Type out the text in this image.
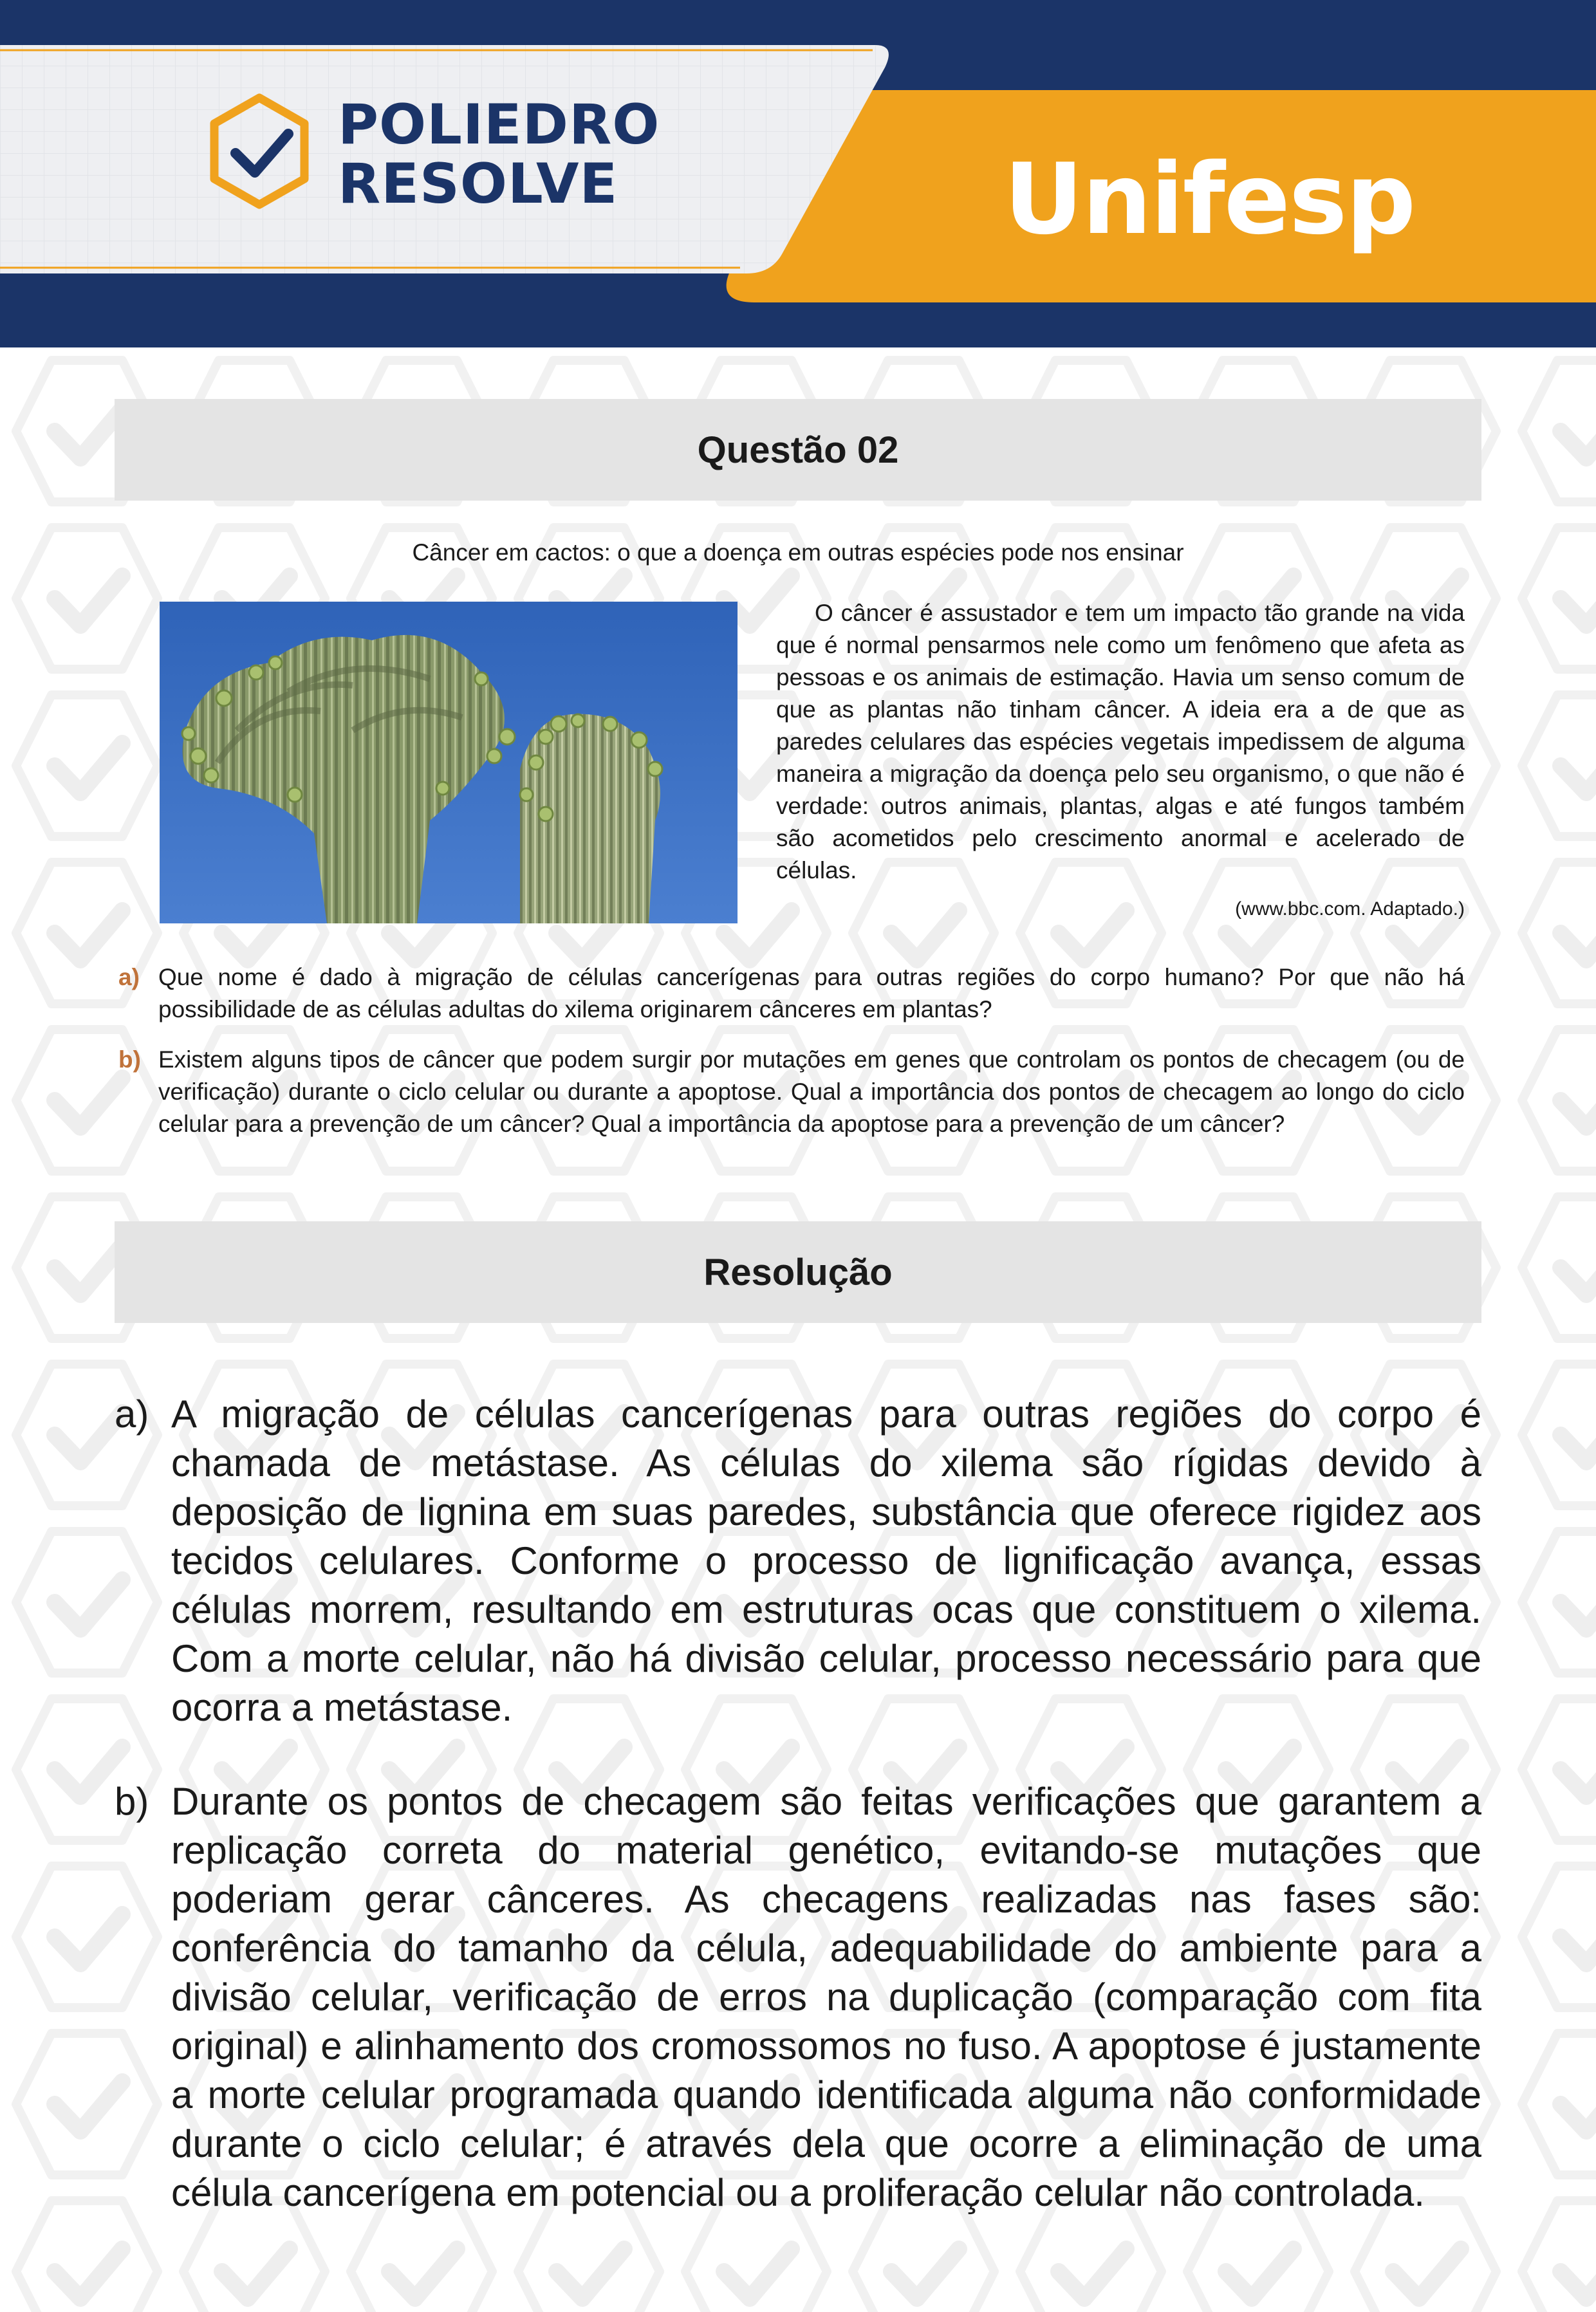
POLIEDRO
RESOLVE	Unifesp
Questão 02
Câncer em cactos: o que a doença em outras espécies pode nos ensinar
O câncer é assustador e tem um impacto tão grande na vida que é normal pensarmos nele como um fenômeno que afeta as pessoas e os animais de estimação. Havia um senso comum de que as plantas não tinham câncer. A ideia era a de que as paredes celulares das espécies vegetais impedissem de alguma maneira a migração da doença pelo seu organismo, o que não é verdade: outros animais, plantas, algas e até fungos também são acometidos pelo crescimento anormal e acelerado de células.
(www.bbc.com. Adaptado.)
a) Que nome é dado à migração de células cancerígenas para outras regiões do corpo humano? Por que não há possibilidade de as células adultas do xilema originarem cânceres em plantas?
b) Existem alguns tipos de câncer que podem surgir por mutações em genes que controlam os pontos de checagem (ou de verificação) durante o ciclo celular ou durante a apoptose. Qual a importância dos pontos de checagem ao longo do ciclo celular para a prevenção de um câncer? Qual a importância da apoptose para a prevenção de um câncer?
Resolução
a) A migração de células cancerígenas para outras regiões do corpo é chamada de metástase. As células do xilema são rígidas devido à deposição de lignina em suas paredes, substância que oferece rigidez aos tecidos celulares. Conforme o processo de lignificação avança, essas células morrem, resultando em estruturas ocas que constituem o xilema. Com a morte celular, não há divisão celular, processo necessário para que ocorra a metástase.
b) Durante os pontos de checagem são feitas verificações que garantem a replicação correta do material genético, evitando-se mutações que poderiam gerar cânceres. As checagens realizadas nas fases são: conferência do tamanho da célula, adequabilidade do ambiente para a divisão celular, verificação de erros na duplicação (comparação com fita original) e alinhamento dos cromossomos no fuso. A apoptose é justamente a morte celular programada quando identificada alguma não conformidade durante o ciclo celular; é através dela que ocorre a eliminação de uma célula cancerígena em potencial ou a proliferação celular não controlada.
